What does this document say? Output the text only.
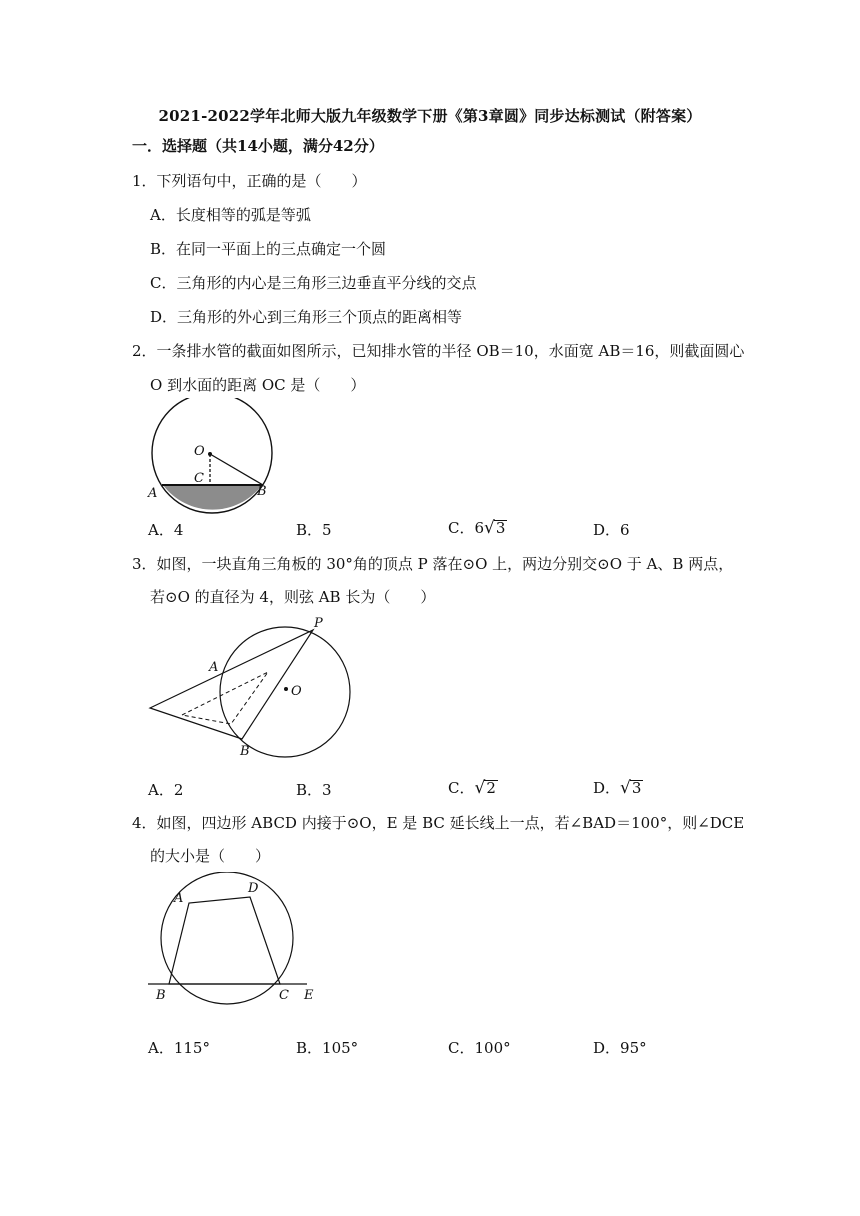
2021-2022学年北师大版九年级数学下册《第3章圆》同步达标测试（附答案）
一．选择题（共14小题，满分42分）
1．下列语句中，正确的是（　　）
A．长度相等的弧是等弧
B．在同一平面上的三点确定一个圆
C．三角形的内心是三角形三边垂直平分线的交点
D．三角形的外心到三角形三个顶点的距离相等
2．一条排水管的截面如图所示，已知排水管的半径 OB＝10，水面宽 AB＝16，则截面圆心
O 到水面的距离 OC 是（　　）
O
C
A	B
A．4	B．5	C．6√3	D．6
3．如图，一块直角三角板的 30°角的顶点 P 落在⊙O 上，两边分别交⊙O 于 A、B 两点，
若⊙O 的直径为 4，则弦 AB 长为（　　）
P
A
O
B
A．2	B．3	C．√2	D．√3
4．如图，四边形 ABCD 内接于⊙O，E 是 BC 延长线上一点，若∠BAD＝100°，则∠DCE
的大小是（　　）
A
D
B	C E
A．115°	B．105°	C．100°	D．95°
